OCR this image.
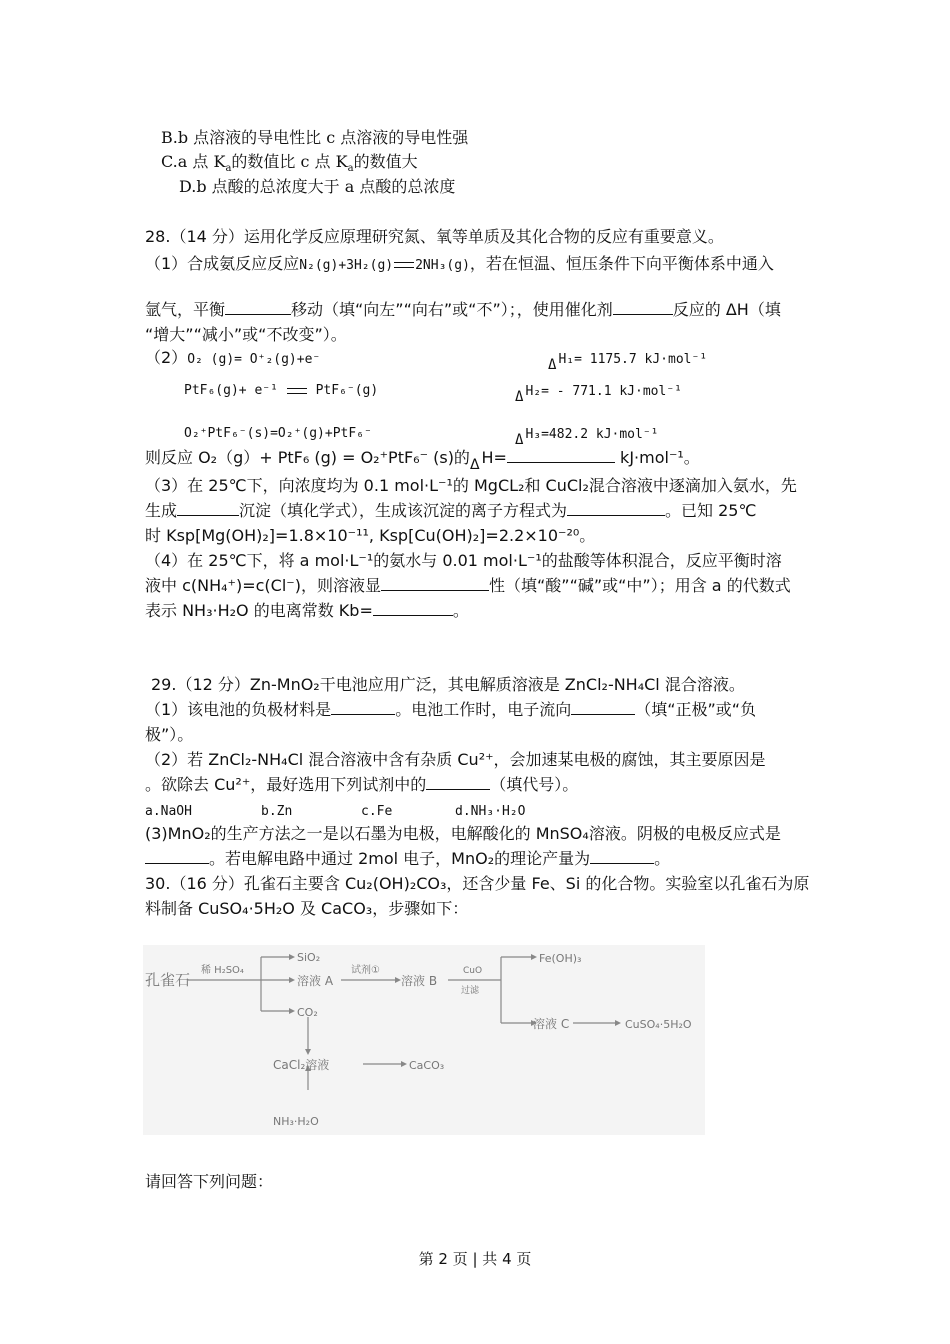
B.b 点溶液的导电性比 c 点溶液的导电性强
C.a 点 $K_a$的数值比 c 点 $K_a$的数值大
D.b 点酸的总浓度大于 a 点酸的总浓度
28.（14 分）运用化学反应原理研究氮、氧等单质及其化合物的反应有重要意义。
（1）合成氨反应反应N₂(g)+3H₂(g) 2NH₃(g)，若在恒温、恒压条件下向平衡体系中通入
氩气，平衡	移动（填“向左”“向右”或“不”）；，使用催化剂	反应的 ΔH（填
“增大”“减小”或“不改变”）。
（2）O₂ (g)= O⁺₂(g)+e⁻	Δ H₁= 1175.7 kJ·mol⁻¹
PtF₆(g)+ e⁻¹	PtF₆⁻(g)	Δ H₂= - 771.1 kJ·mol⁻¹
O₂⁺PtF₆⁻(s)=O₂⁺(g)+PtF₆⁻	Δ H₃=482.2 kJ·mol⁻¹
则反应 O₂（g）+ PtF₆ (g) = O₂⁺PtF₆⁻ (s)的Δ H=	kJ·mol⁻¹。
（3）在 25℃下，向浓度均为 0.1 mol·L⁻¹的 MgCL₂和 CuCl₂混合溶液中逐滴加入氨水，先
生成	沉淀（填化学式），生成该沉淀的离子方程式为	。已知 25℃
时 Ksp[Mg(OH)₂]=1.8×10⁻¹¹, Ksp[Cu(OH)₂]=2.2×10⁻²⁰。
（4）在 25℃下，将 a mol·L⁻¹的氨水与 0.01 mol·L⁻¹的盐酸等体积混合，反应平衡时溶
液中 c(NH₄⁺)=c(Cl⁻)，则溶液显	性（填“酸”“碱”或“中”）；用含 a 的代数式
表示 NH₃·H₂O 的电离常数 Kb=	。
29.（12 分）Zn-MnO₂干电池应用广泛，其电解质溶液是 ZnCl₂-NH₄Cl 混合溶液。
（1）该电池的负极材料是	。电池工作时，电子流向	（填“正极”或“负
极”）。
（2）若 ZnCl₂-NH₄Cl 混合溶液中含有杂质 Cu²⁺，会加速某电极的腐蚀，其主要原因是
。欲除去 Cu²⁺，最好选用下列试剂中的	（填代号）。
a.NaOH	b.Zn	c.Fe	d.NH₃·H₂O
(3)MnO₂的生产方法之一是以石墨为电极，电解酸化的 MnSO₄溶液。阴极的电极反应式是
。若电解电路中通过 2mol 电子，MnO₂的理论产量为	。
30.（16 分）孔雀石主要含 Cu₂(OH)₂CO₃，还含少量 Fe、Si 的化合物。实验室以孔雀石为原
料制备 CuSO₄·5H₂O 及 CaCO₃，步骤如下：
孔雀石
稀 H₂SO₄
SiO₂
溶液 A
CO₂
试剂①
溶液 B
CuO
过滤
Fe(OH)₃
溶液 C	CuSO₄·5H₂O
CaCl₂溶液	CaCO₃
NH₃·H₂O
请回答下列问题：
第 2 页 | 共 4 页
